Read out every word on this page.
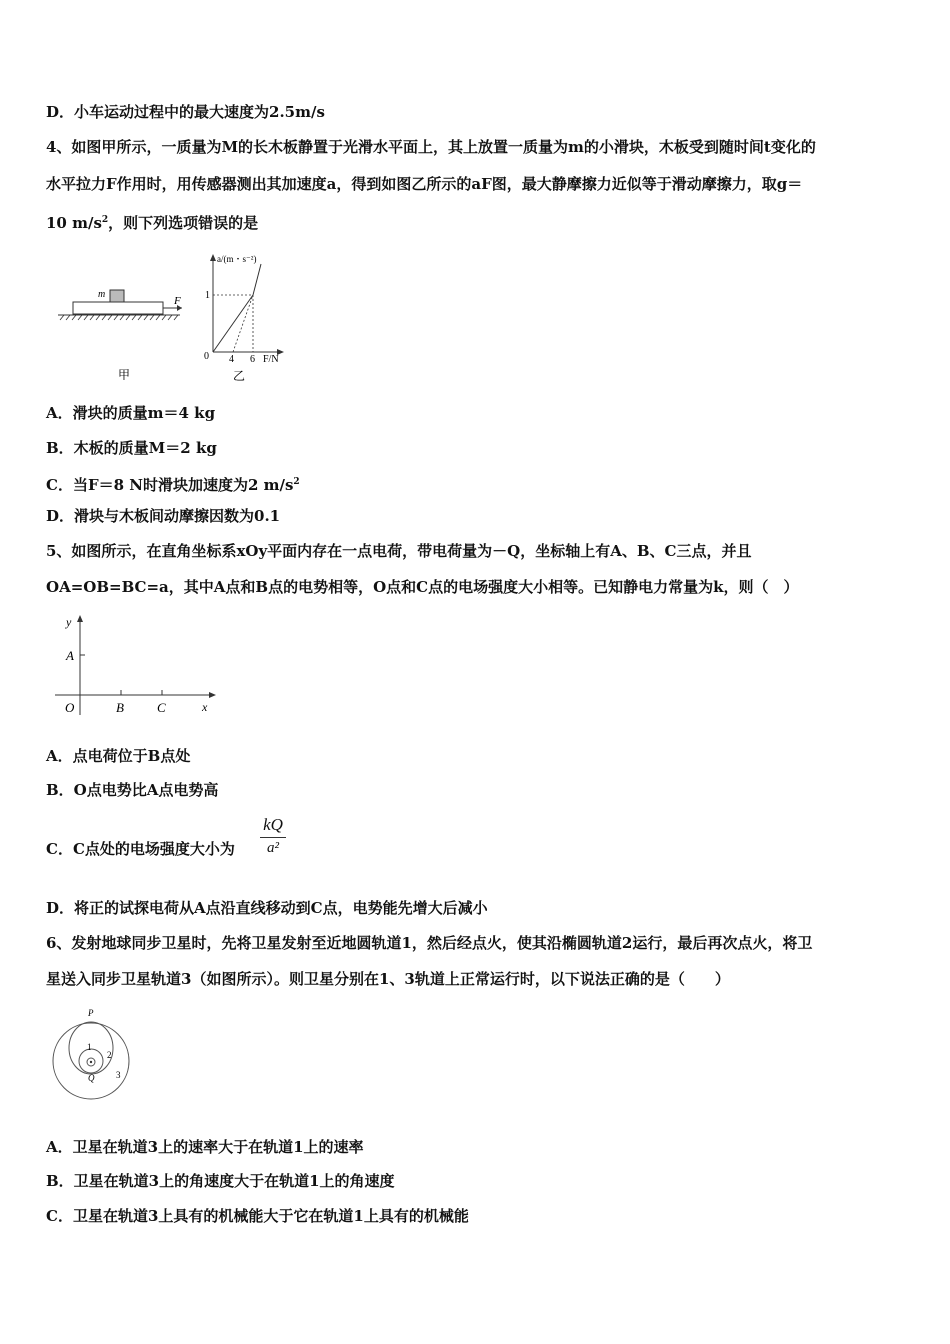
D．小车运动过程中的最大速度为2.5m/s
4、如图甲所示，一质量为M的长木板静置于光滑水平面上，其上放置一质量为m的小滑块，木板受到随时间t变化的
水平拉力F作用时，用传感器测出其加速度a，得到如图乙所示的aF图，最大静摩擦力近似等于滑动摩擦力，取g＝
10 $m/s^2$，则下列选项错误的是
m
F
甲
a/(m・s⁻²)
0
1
4 6 F/N
乙
A．滑块的质量m＝4 kg
B．木板的质量M＝2 kg
C．当F＝8 N时滑块加速度为2 $m/s^2$
D．滑块与木板间动摩擦因数为0.1
5、如图所示，在直角坐标系xOy平面内存在一点电荷，带电荷量为－Q，坐标轴上有A、B、C三点，并且
OA=OB=BC=a，其中A点和B点的电势相等，O点和C点的电场强度大小相等。已知静电力常量为k，则（　）
y
A
O	B	C	x
A．点电荷位于B点处
B．O点电势比A点电势高
C．C点处的电场强度大小为 $\frac{kQ}{\text{a²}}$
D．将正的试探电荷从A点沿直线移动到C点，电势能先增大后减小
6、发射地球同步卫星时，先将卫星发射至近地圆轨道1，然后经点火，使其沿椭圆轨道2运行，最后再次点火，将卫
星送入同步卫星轨道3（如图所示）。则卫星分别在1、3轨道上正常运行时，以下说法正确的是（　　）
P
Q
1
2
3
A．卫星在轨道3上的速率大于在轨道1上的速率
B．卫星在轨道3上的角速度大于在轨道1上的角速度
C．卫星在轨道3上具有的机械能大于它在轨道1上具有的机械能
